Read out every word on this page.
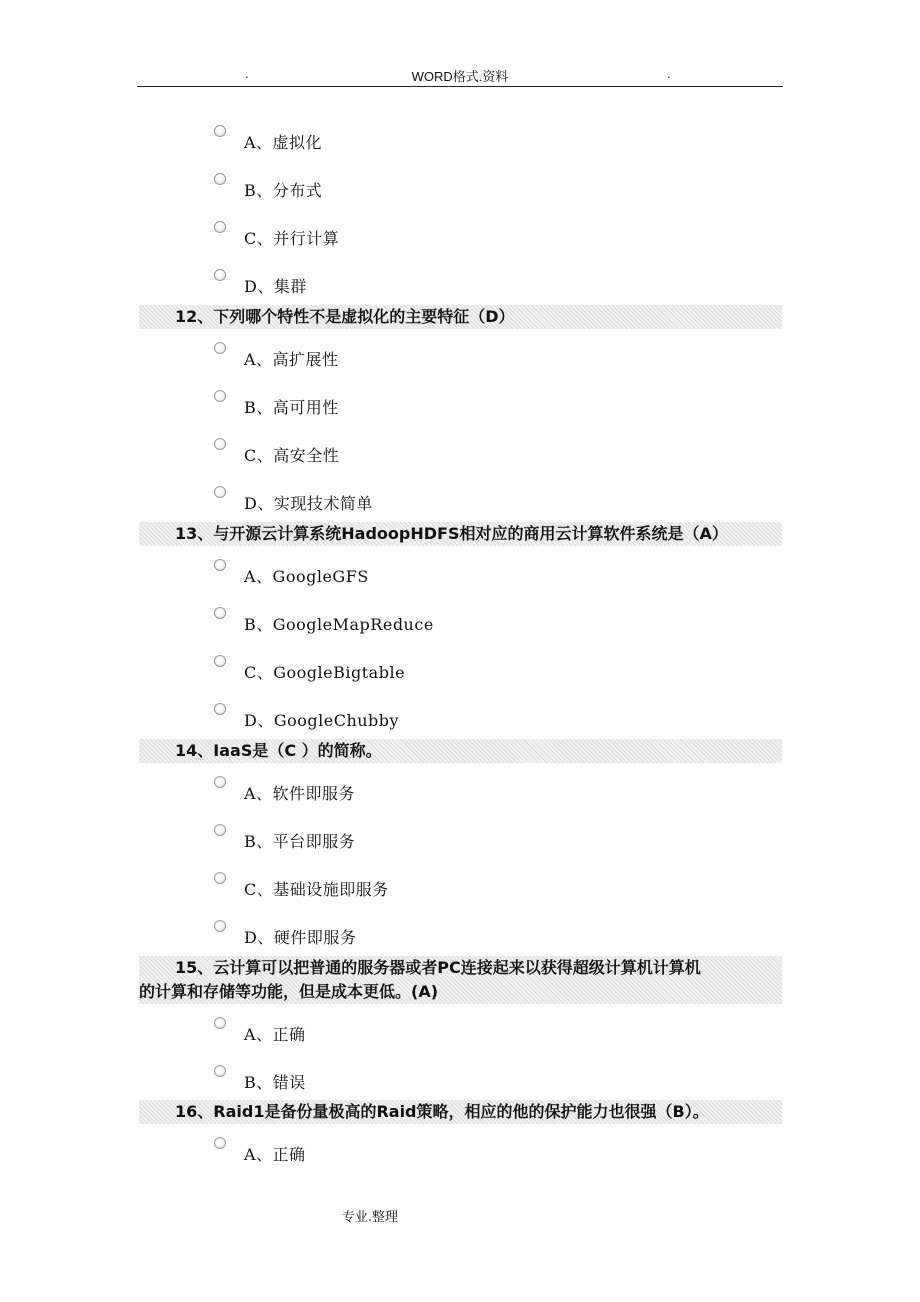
.	WORD格式.资料	.
A、虚拟化
B、分布式
C、并行计算
D、集群
12、下列哪个特性不是虚拟化的主要特征（D）
A、高扩展性
B、高可用性
C、高安全性
D、实现技术简单
13、与开源云计算系统HadoopHDFS相对应的商用云计算软件系统是（A）
A、GoogleGFS
B、GoogleMapReduce
C、GoogleBigtable
D、GoogleChubby
14、IaaS是（C ）的简称。
A、软件即服务
B、平台即服务
C、基础设施即服务
D、硬件即服务
15、云计算可以把普通的服务器或者PC连接起来以获得超级计算机计算机
的计算和存储等功能，但是成本更低。(A)
A、正确
B、错误
16、Raid1是备份量极高的Raid策略，相应的他的保护能力也很强（B）。
A、正确
专业.整理
